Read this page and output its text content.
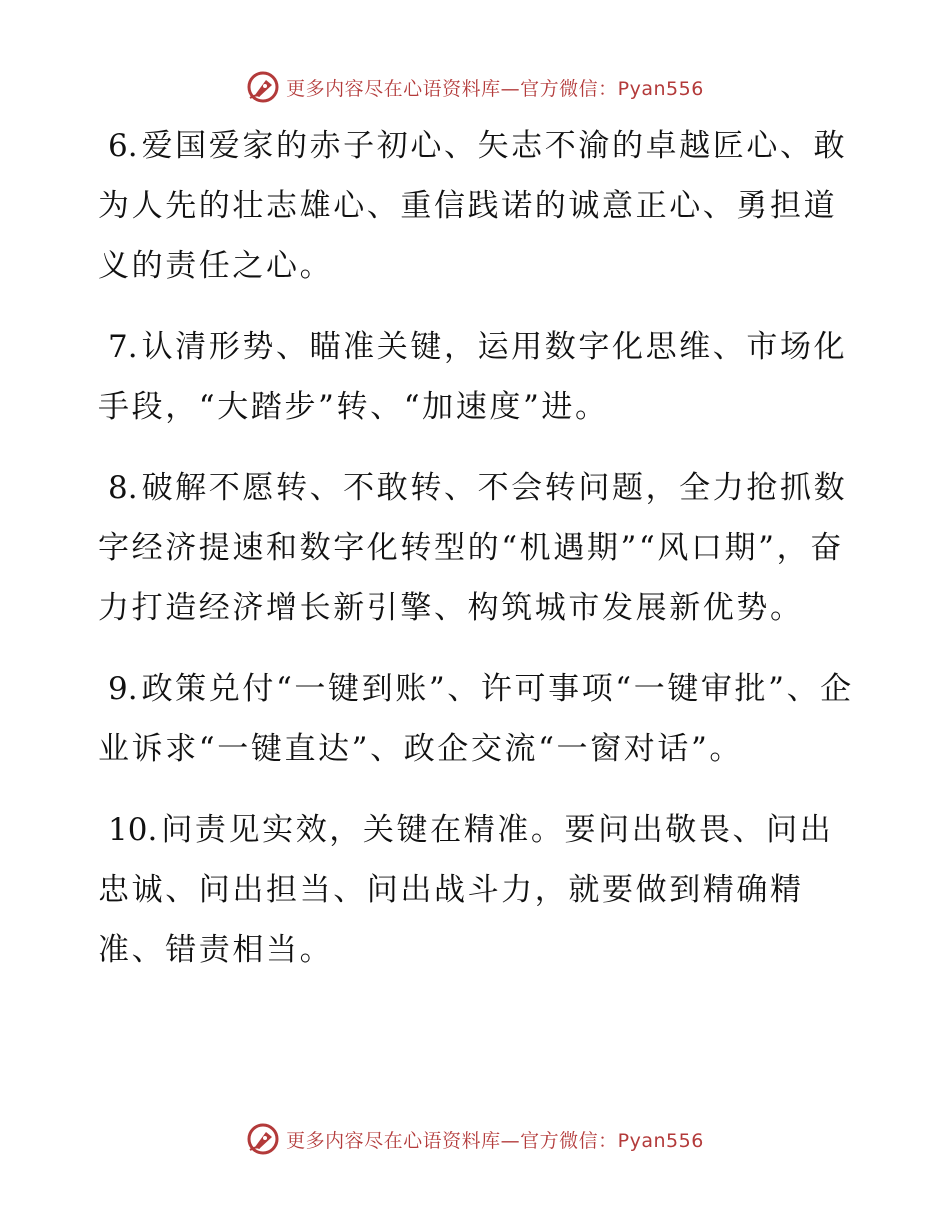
更多内容尽在心语资料库—官方微信：Pyan556

6. 爱国爱家的赤子初心、矢志不渝的卓越匠心、敢为人先的壮志雄心、重信践诺的诚意正心、勇担道义的责任之心。

7. 认清形势、瞄准关键，运用数字化思维、市场化手段，“大踏步”转、“加速度”进。

8. 破解不愿转、不敢转、不会转问题，全力抢抓数字经济提速和数字化转型的“机遇期”“风口期”，奋力打造经济增长新引擎、构筑城市发展新优势。

9. 政策兑付“一键到账”、许可事项“一键审批”、企业诉求“一键直达”、政企交流“一窗对话”。

10. 问责见实效，关键在精准。要问出敬畏、问出忠诚、问出担当、问出战斗力，就要做到精确精准、错责相当。

更多内容尽在心语资料库—官方微信：Pyan556
